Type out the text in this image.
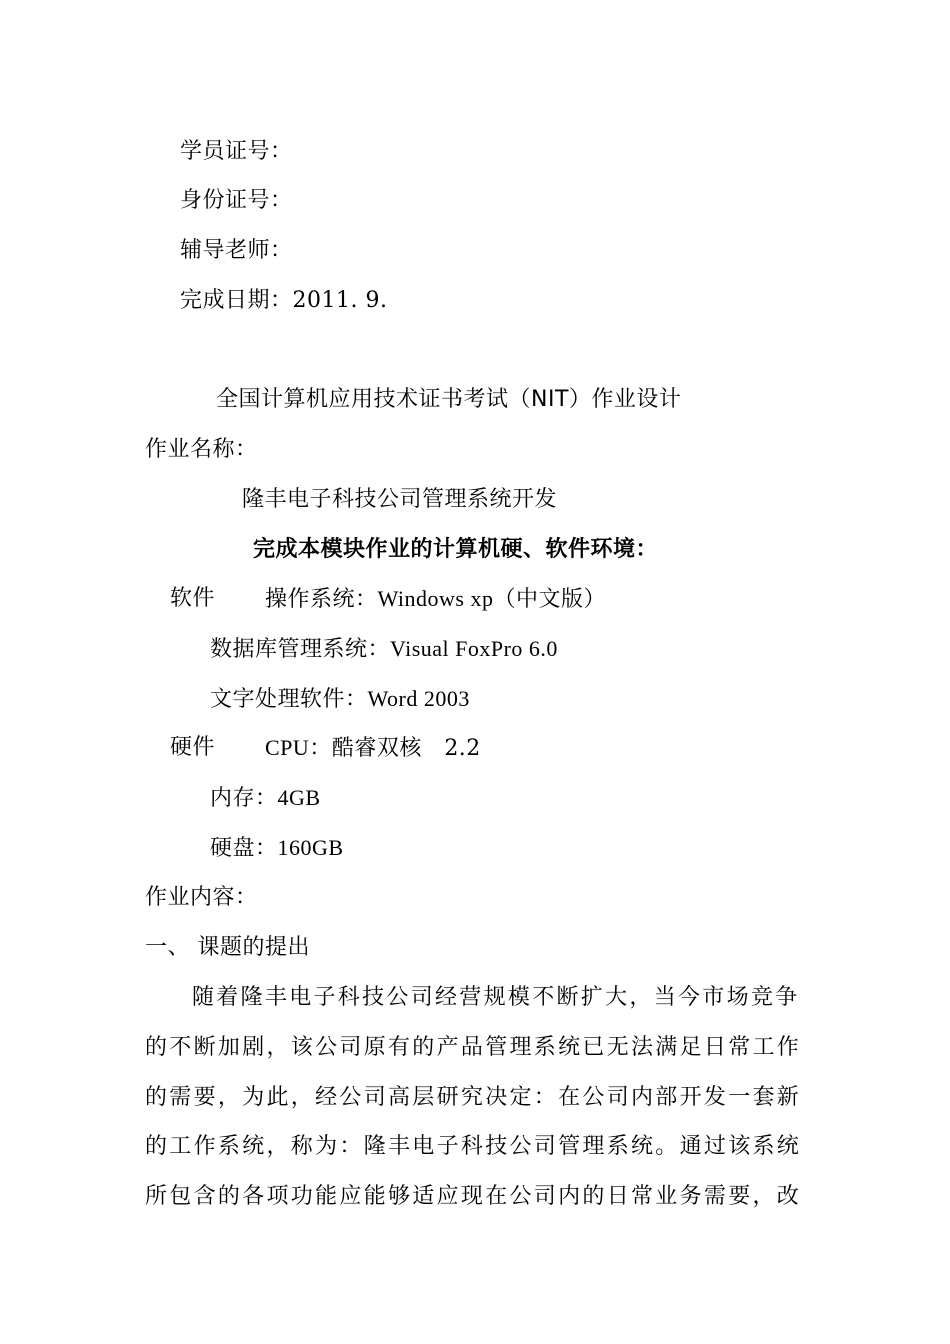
学员证号：
身份证号：
辅导老师：
完成日期：2011. 9.
全国计算机应用技术证书考试（NIT）作业设计
作业名称：
隆丰电子科技公司管理系统开发
完成本模块作业的计算机硬、软件环境：
软件 操作系统：Windows xp（中文版）
数据库管理系统：Visual FoxPro 6.0
文字处理软件：Word 2003
硬件 CPU：酷睿双核　2.2
内存：4GB
硬盘：160GB
作业内容：
一、 课题的提出
随着隆丰电子科技公司经营规模不断扩大，当今市场竞争
的不断加剧，该公司原有的产品管理系统已无法满足日常工作
的需要，为此，经公司高层研究决定：在公司内部开发一套新
的工作系统，称为：隆丰电子科技公司管理系统。通过该系统
所包含的各项功能应能够适应现在公司内的日常业务需要，改
